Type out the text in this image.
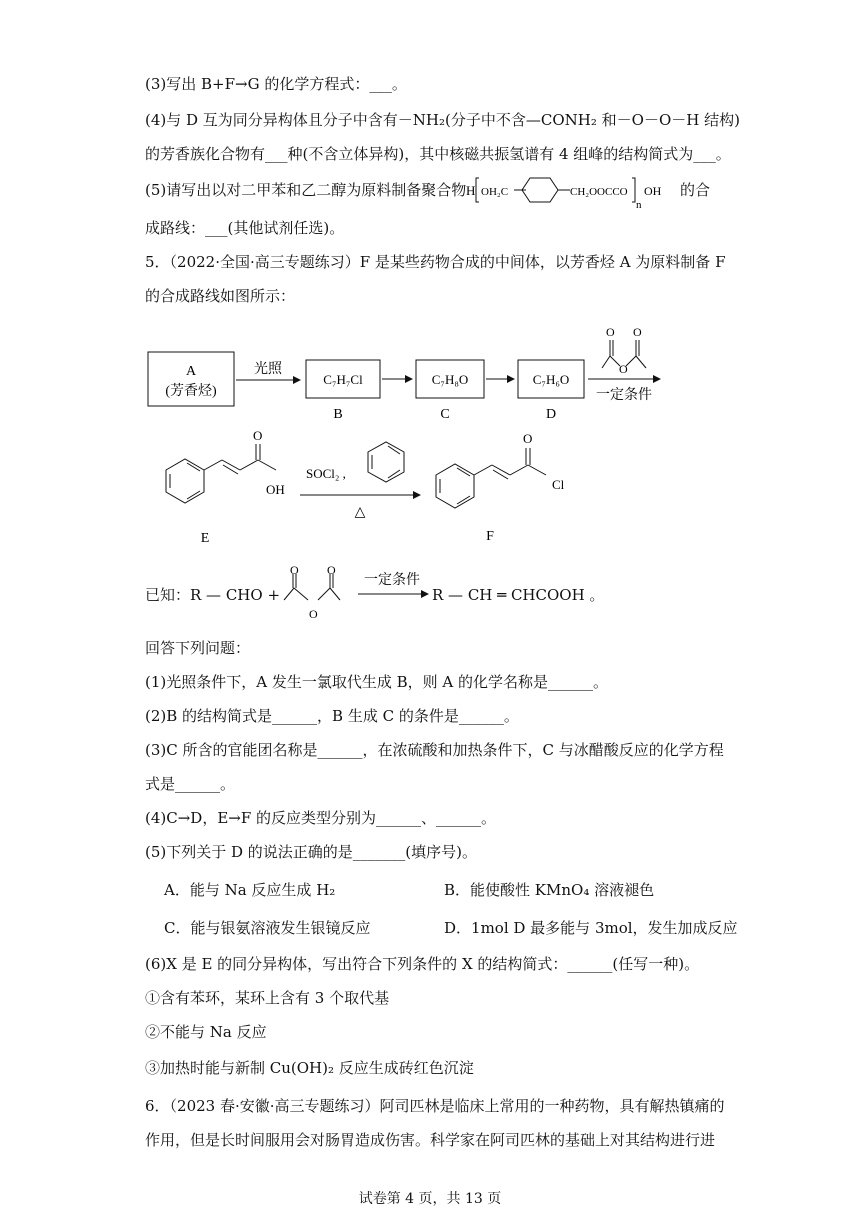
(3)写出 B+F→G 的化学方程式：___。
(4)与 D 互为同分异构体且分子中含有－NH₂(分子中不含—CONH₂ 和－O－O－H 结构)
的芳香族化合物有___种(不含立体异构)，其中核磁共振氢谱有 4 组峰的结构简式为___。
(5)请写出以对二甲苯和乙二醇为原料制备聚合物 H OH₂C	CH₂OOCCO
n
OH 的合
成路线：___(其他试剂任选)。
5．（2022·全国·高三专题练习）F 是某些药物合成的中间体，以芳香烃 A 为原料制备 F
的合成路线如图所示：
A
(芳香烃)
光照
C₇H₇Cl
B
C₇H₈O
C
C₇H₆O
D
O O
O
一定条件
O
OH
E
SOCl₂ ,
△
O
Cl
F
已知：R — CHO +
O O
O
一定条件
R — CH ═ CHCOOH 。
回答下列问题：
(1)光照条件下，A 发生一氯取代生成 B，则 A 的化学名称是______。
(2)B 的结构简式是______，B 生成 C 的条件是______。
(3)C 所含的官能团名称是______，在浓硫酸和加热条件下，C 与冰醋酸反应的化学方程
式是______。
(4)C→D，E→F 的反应类型分别为______、______。
(5)下列关于 D 的说法正确的是_______(填序号)。
A．能与 Na 反应生成 H₂	B．能使酸性 KMnO₄ 溶液褪色
C．能与银氨溶液发生银镜反应	D．1mol D 最多能与 3mol，发生加成反应
(6)X 是 E 的同分异构体，写出符合下列条件的 X 的结构简式：______(任写一种)。
①含有苯环，某环上含有 3 个取代基
②不能与 Na 反应
③加热时能与新制 Cu(OH)₂ 反应生成砖红色沉淀
6．（2023 春·安徽·高三专题练习）阿司匹林是临床上常用的一种药物，具有解热镇痛的
作用，但是长时间服用会对肠胃造成伤害。科学家在阿司匹林的基础上对其结构进行进
试卷第 4 页，共 13 页
